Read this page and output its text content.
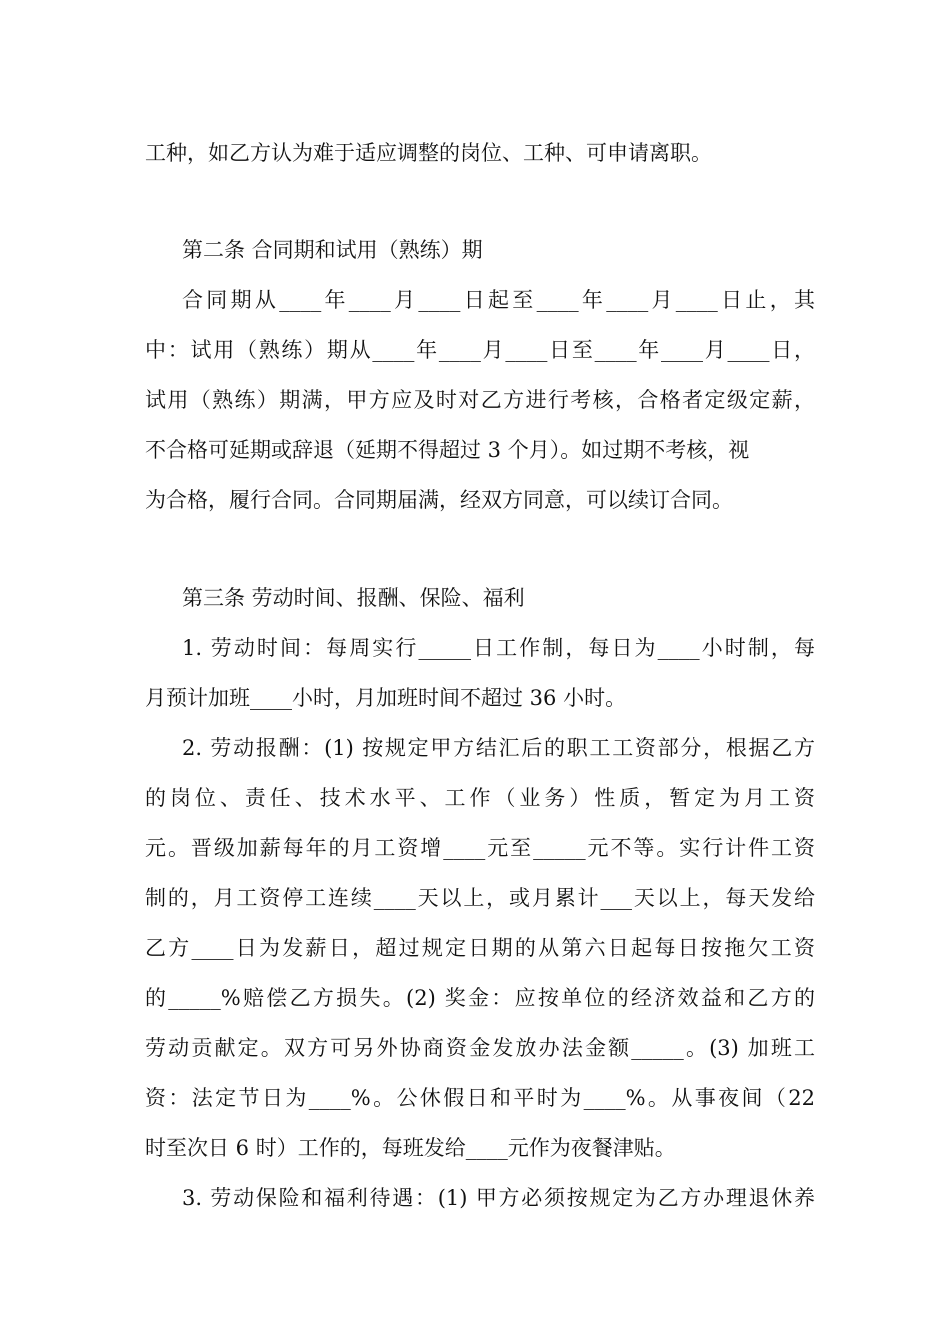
工种，如乙方认为难于适应调整的岗位、工种、可申请离职。
第二条 合同期和试用（熟练）期
合同期从____年____月____日起至____年____月____日止，其
中：试用（熟练）期从____年____月____日至____年____月____日，
试用（熟练）期满，甲方应及时对乙方进行考核，合格者定级定薪，
不合格可延期或辞退（延期不得超过 3 个月）。如过期不考核，视
为合格，履行合同。合同期届满，经双方同意，可以续订合同。
第三条 劳动时间、报酬、保险、福利
1. 劳动时间：每周实行_____日工作制，每日为____小时制，每
月预计加班____小时，月加班时间不超过 36 小时。
2. 劳动报酬：(1) 按规定甲方结汇后的职工工资部分，根据乙方
的岗位、责任、技术水平、工作（业务）性质，暂定为月工资
元。晋级加薪每年的月工资增____元至_____元不等。实行计件工资
制的，月工资停工连续____天以上，或月累计___天以上，每天发给
乙方____日为发薪日，超过规定日期的从第六日起每日按拖欠工资
的_____%赔偿乙方损失。(2) 奖金：应按单位的经济效益和乙方的
劳动贡献定。双方可另外协商资金发放办法金额_____。(3) 加班工
资：法定节日为____%。公休假日和平时为____%。从事夜间（22
时至次日 6 时）工作的，每班发给____元作为夜餐津贴。
3. 劳动保险和福利待遇：(1) 甲方必须按规定为乙方办理退休养
